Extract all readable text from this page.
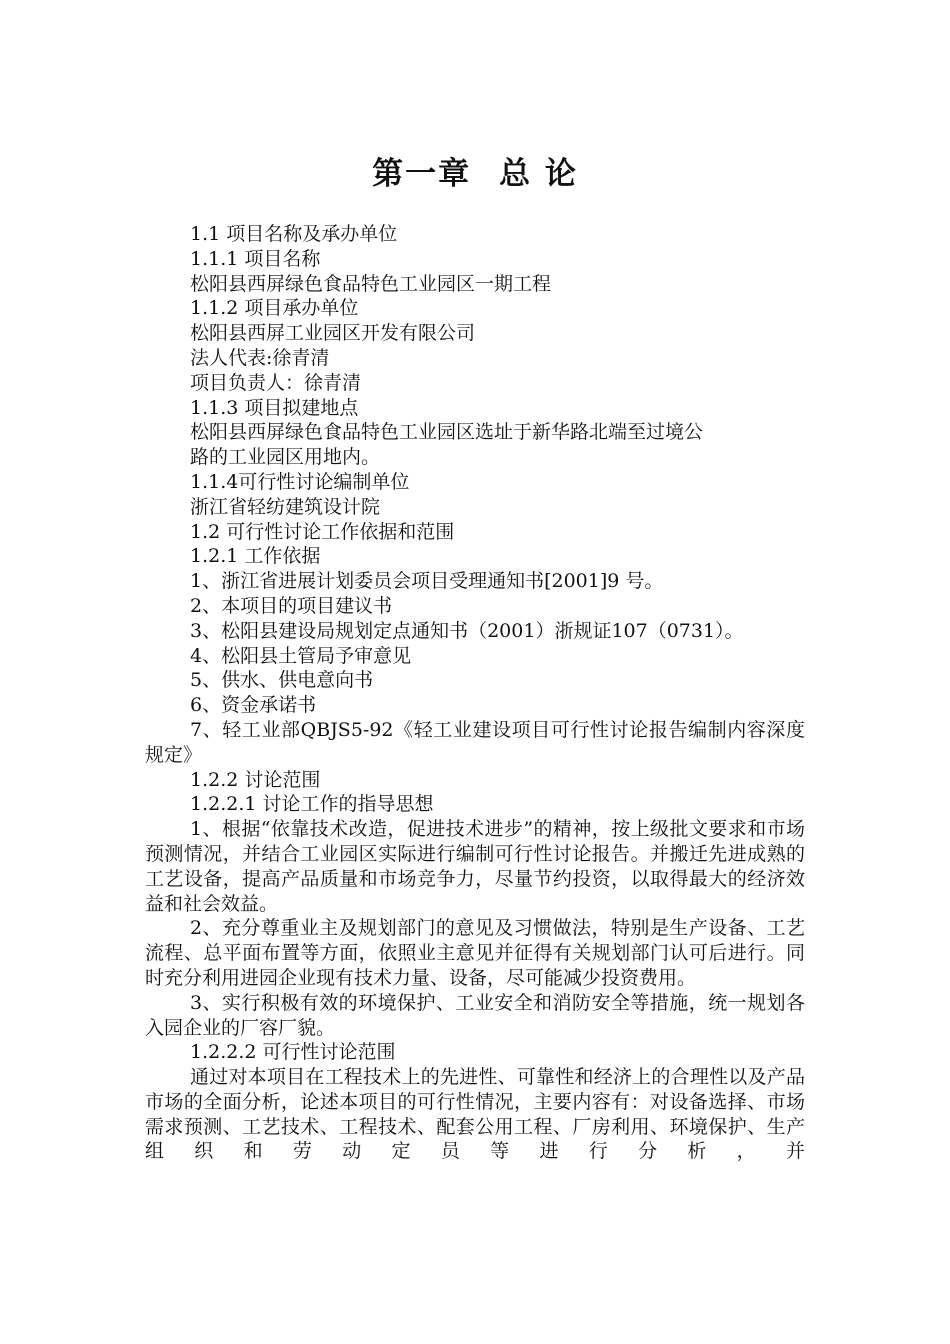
第一章 总 论
1.1 项目名称及承办单位
1.1.1 项目名称
松阳县西屏绿色食品特色工业园区一期工程
1.1.2 项目承办单位
松阳县西屏工业园区开发有限公司
法人代表:徐青清
项目负责人：徐青清
1.1.3 项目拟建地点
松阳县西屏绿色食品特色工业园区选址于新华路北端至过境公
路的工业园区用地内。
1.1.4可行性讨论编制单位
浙江省轻纺建筑设计院
1.2 可行性讨论工作依据和范围
1.2.1 工作依据
1、浙江省进展计划委员会项目受理通知书[2001]9 号。
2、本项目的项目建议书
3、松阳县建设局规划定点通知书（2001）浙规证107（0731）。
4、松阳县土管局予审意见
5、供水、供电意向书
6、资金承诺书
7、轻工业部QBJS5-92《轻工业建设项目可行性讨论报告编制内容深度规定》
1.2.2 讨论范围
1.2.2.1 讨论工作的指导思想
1、根据“依靠技术改造，促进技术进步”的精神，按上级批文要求和市场预测情况，并结合工业园区实际进行编制可行性讨论报告。并搬迁先进成熟的工艺设备，提高产品质量和市场竞争力，尽量节约投资，以取得最大的经济效益和社会效益。
2、充分尊重业主及规划部门的意见及习惯做法，特别是生产设备、工艺流程、总平面布置等方面，依照业主意见并征得有关规划部门认可后进行。同时充分利用进园企业现有技术力量、设备，尽可能减少投资费用。
3、实行积极有效的环境保护、工业安全和消防安全等措施，统一规划各入园企业的厂容厂貌。
1.2.2.2 可行性讨论范围
通过对本项目在工程技术上的先进性、可靠性和经济上的合理性以及产品市场的全面分析，论述本项目的可行性情况，主要内容有：对设备选择、市场需求预测、工艺技术、工程技术、配套公用工程、厂房利用、环境保护、生产组织和劳动定员等进行分析，并
